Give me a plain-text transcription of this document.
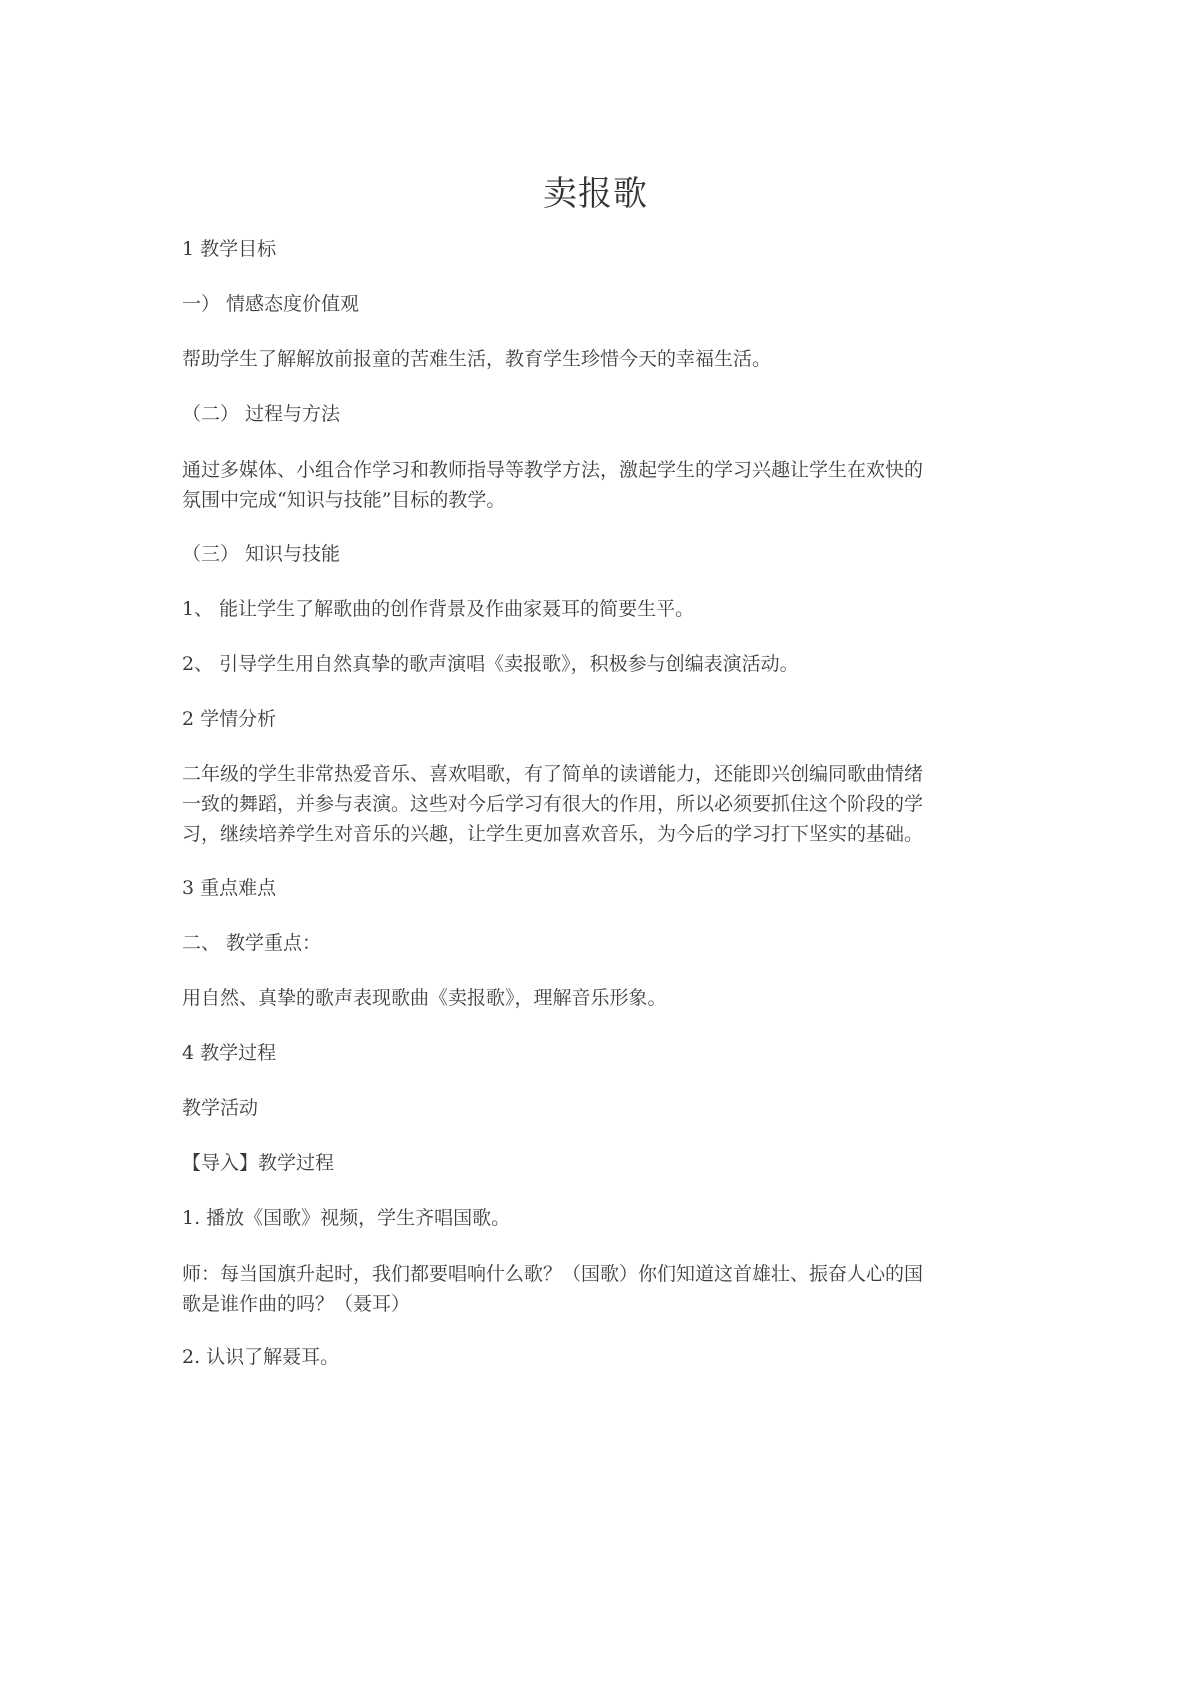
卖报歌
1 教学目标
一） 情感态度价值观
帮助学生了解解放前报童的苦难生活，教育学生珍惜今天的幸福生活。
（二） 过程与方法
通过多媒体、小组合作学习和教师指导等教学方法，激起学生的学习兴趣让学生在欢快的
氛围中完成“知识与技能”目标的教学。
（三） 知识与技能
1、 能让学生了解歌曲的创作背景及作曲家聂耳的简要生平。
2、 引导学生用自然真挚的歌声演唱《卖报歌》，积极参与创编表演活动。
2 学情分析
二年级的学生非常热爱音乐、喜欢唱歌，有了简单的读谱能力，还能即兴创编同歌曲情绪
一致的舞蹈，并参与表演。这些对今后学习有很大的作用，所以必须要抓住这个阶段的学
习，继续培养学生对音乐的兴趣，让学生更加喜欢音乐，为今后的学习打下坚实的基础。
3 重点难点
二、 教学重点：
用自然、真挚的歌声表现歌曲《卖报歌》，理解音乐形象。
4 教学过程
教学活动
【导入】教学过程
1. 播放《国歌》视频，学生齐唱国歌。
师：每当国旗升起时，我们都要唱响什么歌？（国歌）你们知道这首雄壮、振奋人心的国
歌是谁作曲的吗？（聂耳）
2. 认识了解聂耳。
